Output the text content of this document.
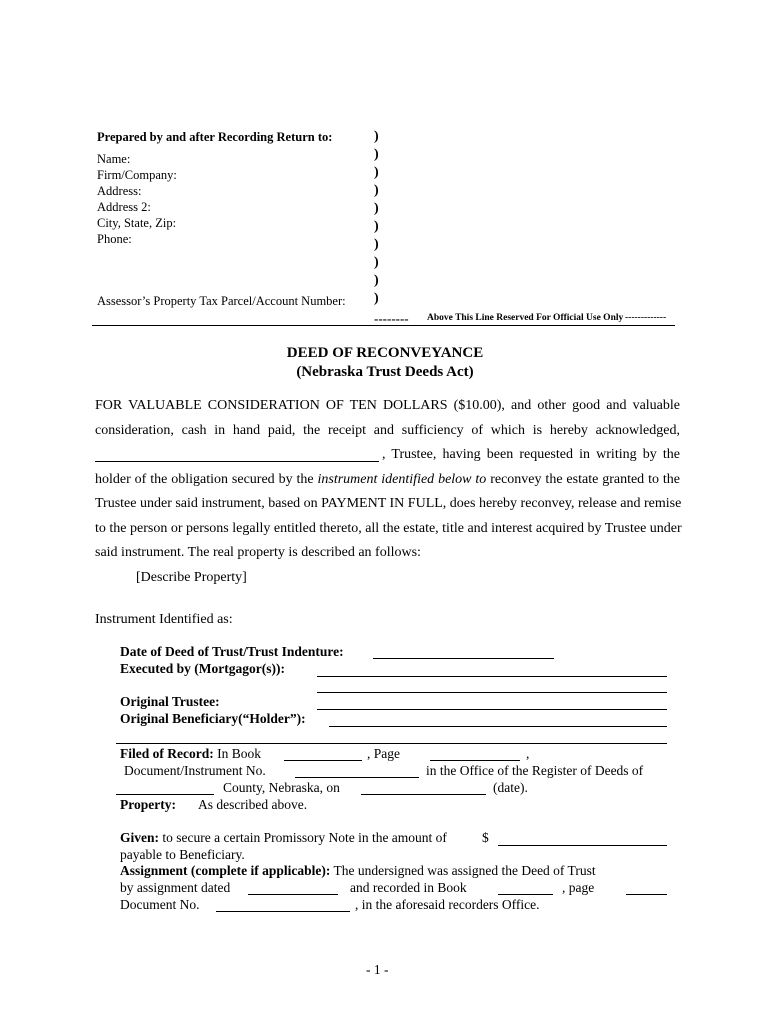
Prepared by and after Recording Return to:
Name:
Firm/Company:
Address:
Address 2:
City, State, Zip:
Phone:
Assessor’s Property Tax Parcel/Account Number:
)
)
)
)
)
)
)
)
)
)
-------- Above This Line Reserved For Official Use Only -------------
DEED OF RECONVEYANCE
(Nebraska Trust Deeds Act)
FOR VALUABLE CONSIDERATION OF TEN DOLLARS ($10.00), and other good and valuable
consideration, cash in hand paid, the receipt and sufficiency of which is hereby acknowledged,
, Trustee, having been requested in writing by the
holder of the obligation secured by the instrument identified below to reconvey the estate granted to the
Trustee under said instrument, based on PAYMENT IN FULL, does hereby reconvey, release and remise
to the person or persons legally entitled thereto, all the estate, title and interest acquired by Trustee under
said instrument. The real property is described an follows:
[Describe Property]
Instrument Identified as:
Date of Deed of Trust/Trust Indenture:
Executed by (Mortgagor(s)):
Original Trustee:
Original Beneficiary(“Holder”):
Filed of Record: In Book	, Page	,
Document/Instrument No.	in the Office of the Register of Deeds of
County, Nebraska, on	(date).
Property: As described above.
Given: to secure a certain Promissory Note in the amount of	$
payable to Beneficiary.
Assignment (complete if applicable): The undersigned was assigned the Deed of Trust
by assignment dated	and recorded in Book	, page
Document No.	, in the aforesaid recorders Office.
- 1 -
